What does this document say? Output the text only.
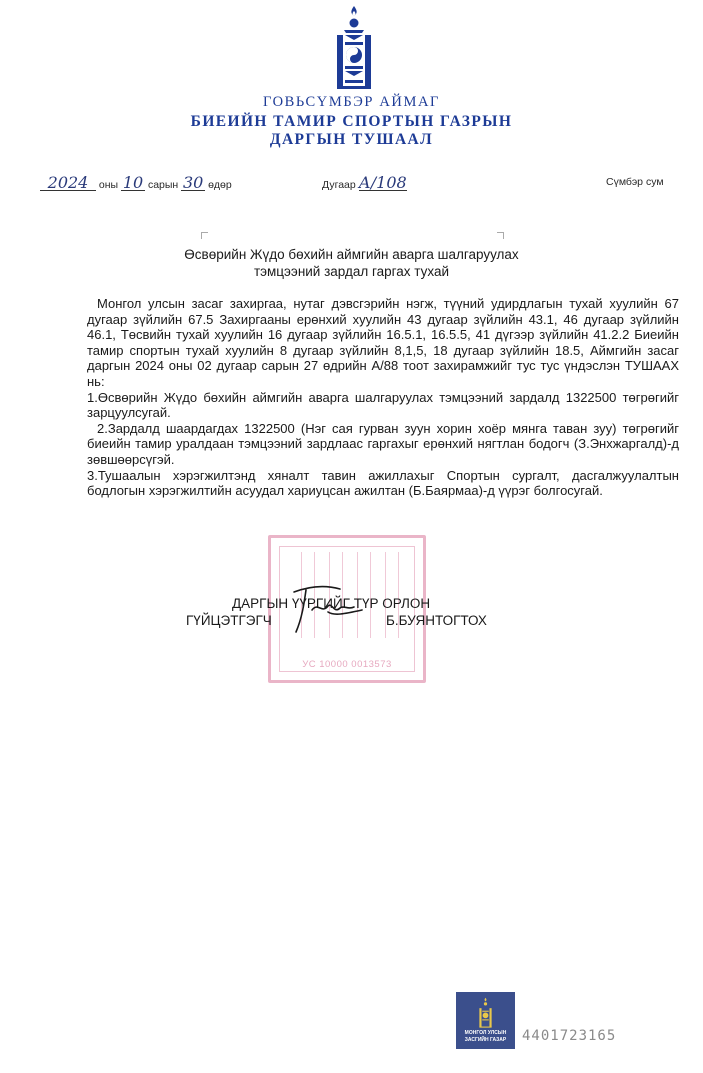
ГОВЬСҮМБЭР АЙМАГ
БИЕИЙН ТАМИР СПОРТЫН ГАЗРЫН
ДАРГЫН ТУШААЛ
2024 оны 10 сарын 30 өдөр	Дугаар А/108	Сүмбэр сум
Өсвөрийн Жүдо бөхийн аймгийн аварга шалгаруулах
тэмцээний зардал гаргах тухай

Монгол улсын засаг захиргаа, нутаг дэвсгэрийн нэгж, түүний удирдлагын тухай хуулийн 67 дугаар зүйлийн 67.5 Захиргааны ерөнхий хуулийн 43 дугаар зүйлийн 43.1, 46 дугаар зүйлийн 46.1, Төсвийн тухай хуулийн 16 дугаар зүйлийн 16.5.1, 16.5.5, 41 дүгээр зүйлийн 41.2.2 Биеийн тамир спортын тухай хуулийн 8 дугаар зүйлийн 8,1,5, 18 дугаар зүйлийн 18.5, Аймгийн засаг даргын 2024 оны 02 дугаар сарын 27 өдрийн А/88 тоот захирамжийг тус тус үндэслэн ТУШААХ нь:

1.Өсвөрийн Жүдо бөхийн аймгийн аварга шалгаруулах тэмцээний зардалд 1322500 төгрөгийг зарцуулсугай.

2.Зардалд шаардагдах 1322500 (Нэг сая гурван зуун хорин хоёр мянга таван зуу) төгрөгийг биеийн тамир уралдаан тэмцээний зардлаас гаргахыг ерөнхий нягтлан бодогч (З.Энхжаргалд)-д зөвшөөрсүгэй.

3.Тушаалын хэрэгжилтэнд хяналт тавин ажиллахыг Спортын сургалт, дасгалжуулалтын бодлогын хэрэгжилтийн асуудал хариуцсан ажилтан (Б.Баярмаа)-д үүрэг болгосугай.

УС 10000 0013573
ДАРГЫН ҮҮРГИЙГ ТҮР ОРЛОН
ГҮЙЦЭТГЭГЧ	Б.БУЯНТОГТОХ
МОНГОЛ УЛСЫН
ЗАСГИЙН ГАЗАР	4401723165
